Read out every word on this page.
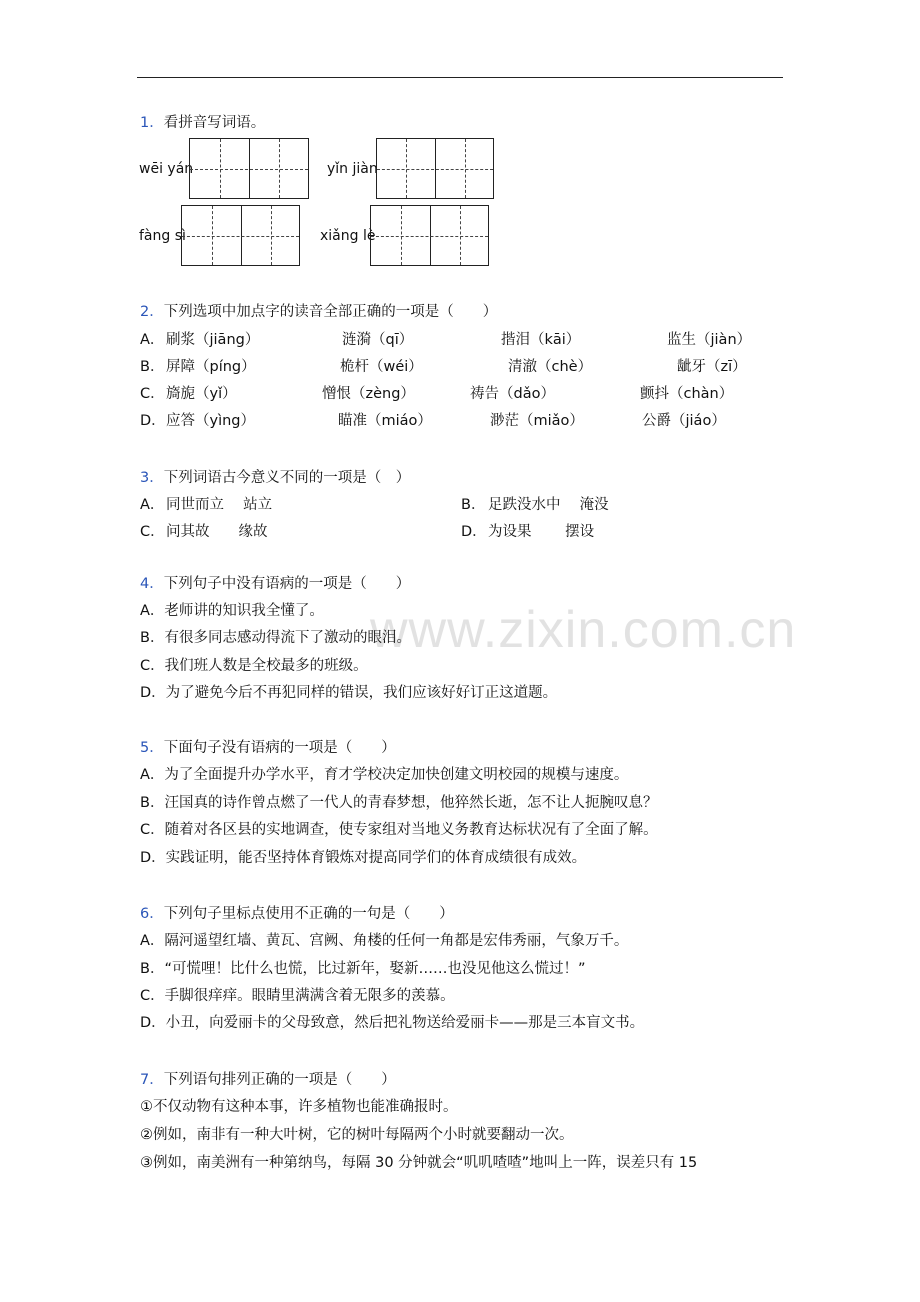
www.zixin.com.cn
1．看拼音写词语。
wēi yán	yǐn jiàn
fàng sì	xiǎng lè
2．下列选项中加点字的读音全部正确的一项是（　　）
A． 刷浆（jiāng）	涟漪（qī）	揩泪（kāi）	监生（jiàn）
B． 屏障（píng）	桅杆（wéi）	清澈（chè）	龇牙（zī）
C． 旖旎（yǐ）	憎恨（zèng）	祷告（dǎo）	颤抖（chàn）
D． 应答（yìng）	瞄准（miáo）	渺茫（miǎo）	公爵（jiáo）
3．下列词语古今意义不同的一项是（　）
A． 同世而立　 站立	B． 足跌没水中　 淹没
C． 问其故　　缘故	D． 为设果　　 摆设
4．下列句子中没有语病的一项是（　　）
A．老师讲的知识我全懂了。
B．有很多同志感动得流下了激动的眼泪。
C．我们班人数是全校最多的班级。
D．为了避免今后不再犯同样的错误，我们应该好好订正这道题。
5．下面句子没有语病的一项是（　　）
A．为了全面提升办学水平，育才学校决定加快创建文明校园的规模与速度。
B．汪国真的诗作曾点燃了一代人的青春梦想，他猝然长逝，怎不让人扼腕叹息？
C．随着对各区县的实地调查，使专家组对当地义务教育达标状况有了全面了解。
D．实践证明，能否坚持体育锻炼对提高同学们的体育成绩很有成效。
6．下列句子里标点使用不正确的一句是（　　）
A．隔河遥望红墙、黄瓦、宫阙、角楼的任何一角都是宏伟秀丽，气象万千。
B．“可慌哩！比什么也慌，比过新年，娶新……也没见他这么慌过！”
C．手脚很痒痒。眼睛里满满含着无限多的羡慕。
D．小丑，向爱丽卡的父母致意，然后把礼物送给爱丽卡——那是三本盲文书。
7．下列语句排列正确的一项是（　　）
①不仅动物有这种本事，许多植物也能准确报时。
②例如，南非有一种大叶树，它的树叶每隔两个小时就要翻动一次。
③例如，南美洲有一种第纳鸟，每隔 30 分钟就会“叽叽喳喳”地叫上一阵，误差只有 15
